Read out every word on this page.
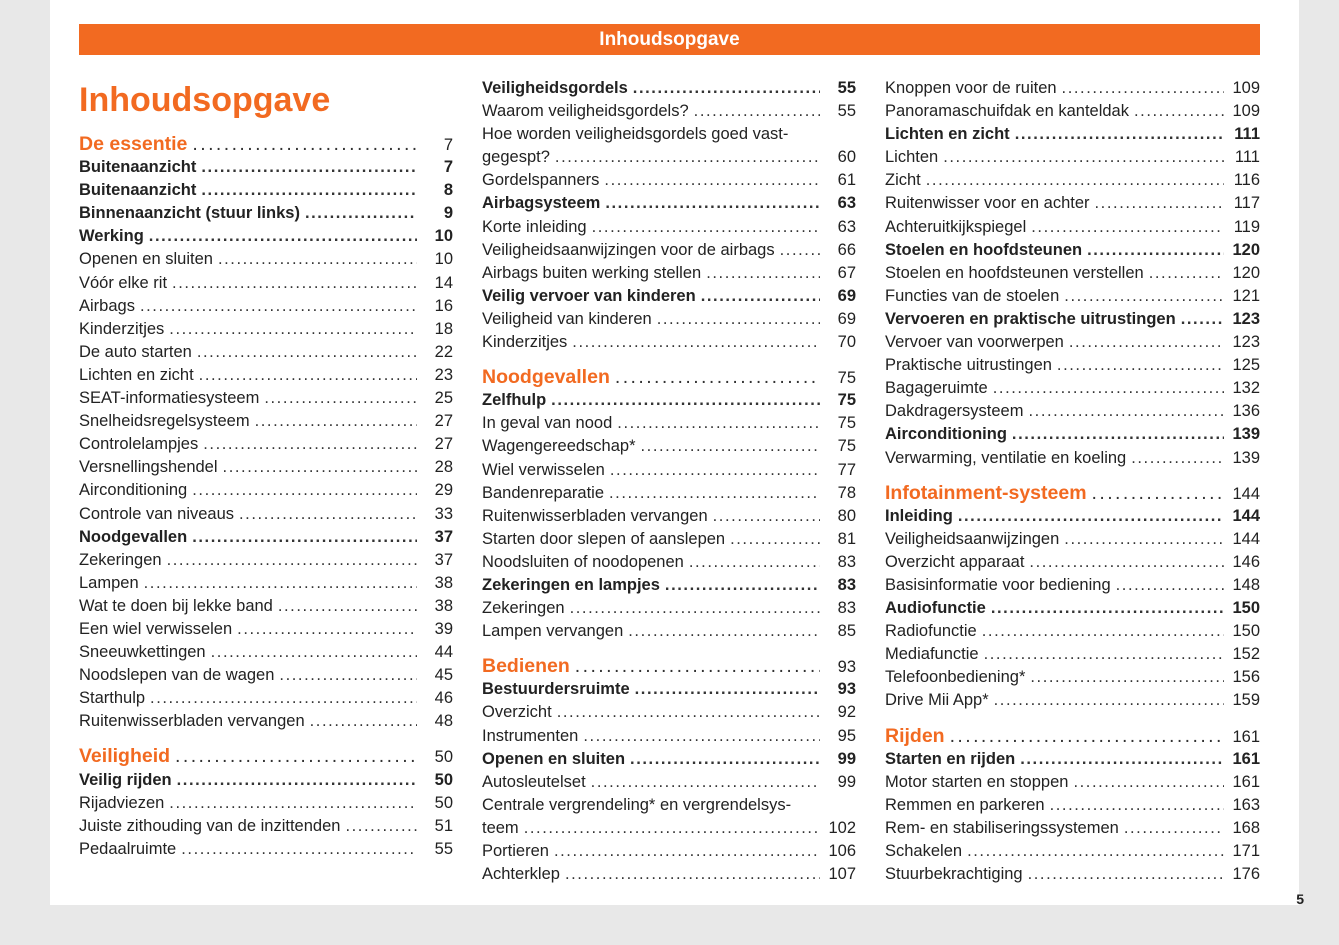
Inhoudsopgave
Inhoudsopgave
De essentie . . .	7
Buitenaanzicht . . .	7
Buitenaanzicht . . .	8
Binnenaanzicht (stuur links) . . .	9
Werking . . .	10
Openen en sluiten . . .	10
Vóór elke rit . . .	14
Airbags . . .	16
Kinderzitjes . . .	18
De auto starten . . .	22
Lichten en zicht . . .	23
SEAT-informatiesysteem . . .	25
Snelheidsregelsysteem . . .	27
Controlelampjes . . .	27
Versnellingshendel . . .	28
Airconditioning . . .	29
Controle van niveaus . . .	33
Noodgevallen . . .	37
Zekeringen . . .	37
Lampen . . .	38
Wat te doen bij lekke band . . .	38
Een wiel verwisselen . . .	39
Sneeuwkettingen . . .	44
Noodslepen van de wagen . . .	45
Starthulp . . .	46
Ruitenwisserbladen vervangen . . .	48
Veiligheid . . .	50
Veilig rijden . . .	50
Rijadviezen . . .	50
Juiste zithouding van de inzittenden . . .	51
Pedaalruimte . . .	55
Veiligheidsgordels . . .	55
Waarom veiligheidsgordels? . . .	55
Hoe worden veiligheidsgordels goed vast-
gegespt? . . .	60
Gordelspanners . . .	61
Airbagsysteem . . .	63
Korte inleiding . . .	63
Veiligheidsaanwijzingen voor de airbags . . .	66
Airbags buiten werking stellen . . .	67
Veilig vervoer van kinderen . . .	69
Veiligheid van kinderen . . .	69
Kinderzitjes . . .	70
Noodgevallen . . .	75
Zelfhulp . . .	75
In geval van nood . . .	75
Wagengereedschap* . . .	75
Wiel verwisselen . . .	77
Bandenreparatie . . .	78
Ruitenwisserbladen vervangen . . .	80
Starten door slepen of aanslepen . . .	81
Noodsluiten of noodopenen . . .	83
Zekeringen en lampjes . . .	83
Zekeringen . . .	83
Lampen vervangen . . .	85
Bedienen . . .	93
Bestuurdersruimte . . .	93
Overzicht . . .	92
Instrumenten . . .	95
Openen en sluiten . . .	99
Autosleutelset . . .	99
Centrale vergrendeling* en vergrendelsys-
teem . . .	102
Portieren . . .	106
Achterklep . . .	107
Knoppen voor de ruiten . . .	109
Panoramaschuifdak en kanteldak . . .	109
Lichten en zicht . . .	111
Lichten . . .	111
Zicht . . .	116
Ruitenwisser voor en achter . . .	117
Achteruitkijkspiegel . . .	119
Stoelen en hoofdsteunen . . .	120
Stoelen en hoofdsteunen verstellen . . .	120
Functies van de stoelen . . .	121
Vervoeren en praktische uitrustingen . . .	123
Vervoer van voorwerpen . . .	123
Praktische uitrustingen . . .	125
Bagageruimte . . .	132
Dakdragersysteem . . .	136
Airconditioning . . .	139
Verwarming, ventilatie en koeling . . .	139
Infotainment-systeem . . .	144
Inleiding . . .	144
Veiligheidsaanwijzingen . . .	144
Overzicht apparaat . . .	146
Basisinformatie voor bediening . . .	148
Audiofunctie . . .	150
Radiofunctie . . .	150
Mediafunctie . . .	152
Telefoonbediening* . . .	156
Drive Mii App* . . .	159
Rijden . . .	161
Starten en rijden . . .	161
Motor starten en stoppen . . .	161
Remmen en parkeren . . .	163
Rem- en stabiliseringssystemen . . .	168
Schakelen . . .	171
Stuurbekrachtiging . . .	176
5
